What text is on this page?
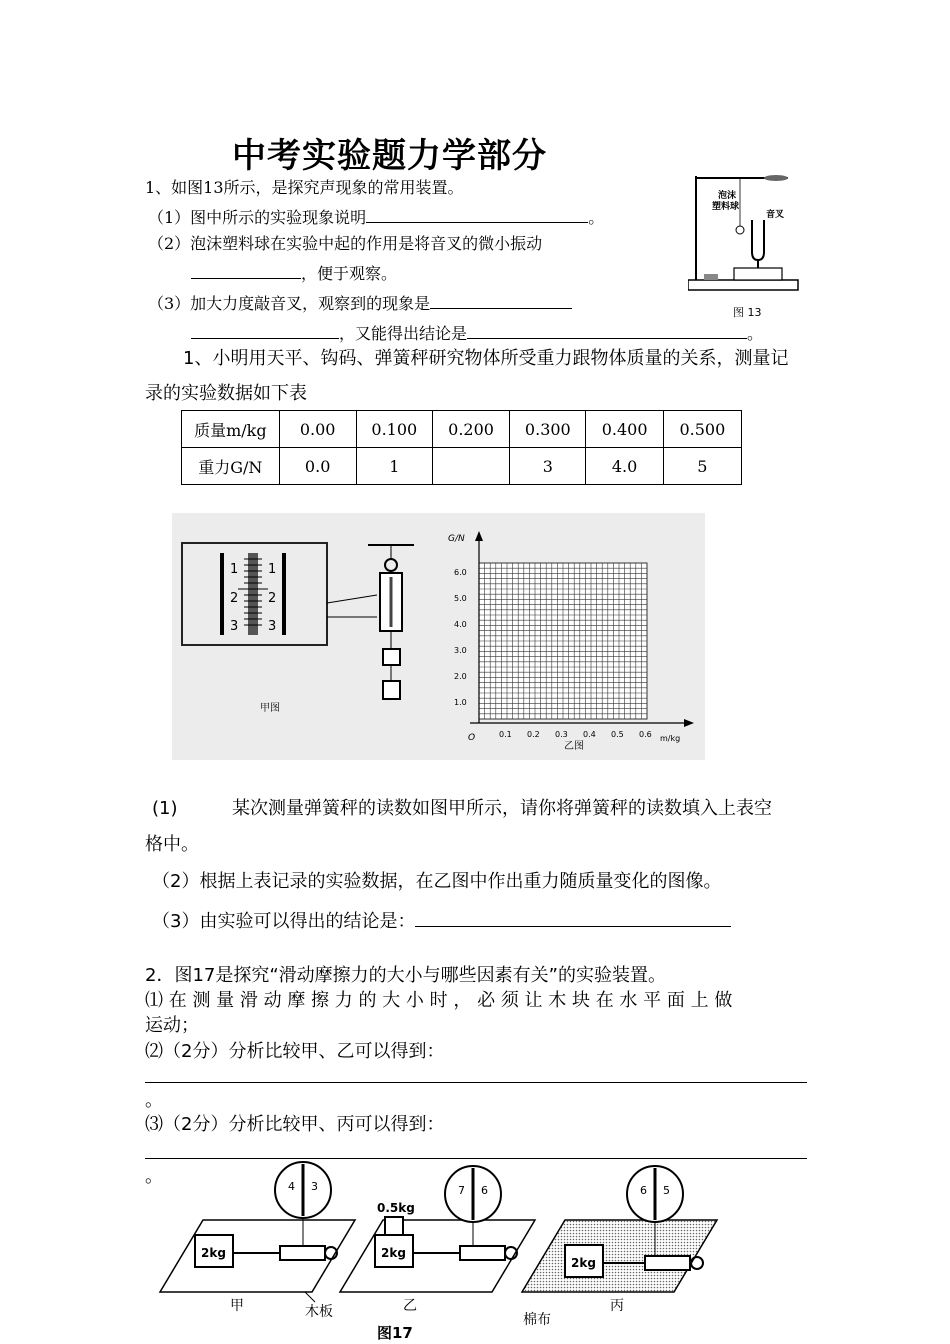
中考实验题力学部分
1、如图13所示，是探究声现象的常用装置。
（1）图中所示的实验现象说明	。
（2）泡沫塑料球在实验中起的作用是将音叉的微小振动
，便于观察。
（3）加大力度敲音叉，观察到的现象是
，又能得出结论是	。
泡沫
塑料球
音叉
图 13
1、小明用天平、钩码、弹簧秤研究物体所受重力跟物体质量的关系，测量记
录的实验数据如下表
质量m/kg	0.00	0.100	0.200	0.300	0.400	0.500
重力G/N	0.0	1		3	4.0	5
1
2
3
1
2
3
甲图
G/N
m/kg
O
1.0
2.0
3.0
4.0
5.0
6.0
0.1 0.2 0.3 0.4 0.5 0.6
乙图
(1)	某次测量弹簧秤的读数如图甲所示，请你将弹簧秤的读数填入上表空
格中。
（2）根据上表记录的实验数据，在乙图中作出重力随质量变化的图像。
（3）由实验可以得出的结论是：
2．图17是探究“滑动摩擦力的大小与哪些因素有关”的实验装置。
⑴ 在 测 量 滑 动 摩 擦 力 的 大 小 时 ， 必 须 让 木 块 在 水 平 面 上 做
运动；
⑵（2分）分析比较甲、乙可以得到：
。
⑶（2分）分析比较甲、丙可以得到：
。
2kg
4 3
甲	木板
2kg
0.5kg
7 6
乙
2kg
6 5
丙
棉布
图17
